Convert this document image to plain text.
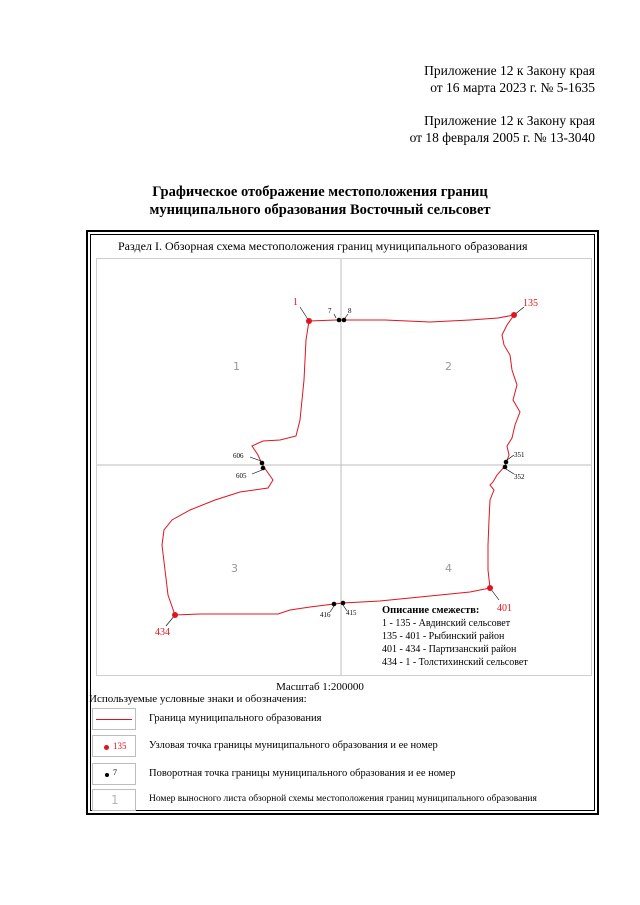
Приложение 12 к Закону края
от 16 марта 2023 г. № 5-1635
Приложение 12 к Закону края
от 18 февраля 2005 г. № 13-3040
Графическое отображение местоположения границ
муниципального образования Восточный сельсовет
Раздел I. Обзорная схема местоположения границ муниципального образования
1	2
3	4
1	135
401
434
7 8
351
352
415
416
605
606
Описание смежеств:
1 - 135 - Авдинский сельсовет
135 - 401 - Рыбинский район
401 - 434 - Партизанский район
434 - 1 - Толстихинский сельсовет
Масштаб 1:200000
Используемые условные знаки и обозначения:
Граница муниципального образования
135 Узловая точка границы муниципального образования и ее номер
7	Поворотная точка границы муниципального образования и ее номер
1	Номер выносного листа обзорной схемы местоположения границ муниципального образования
